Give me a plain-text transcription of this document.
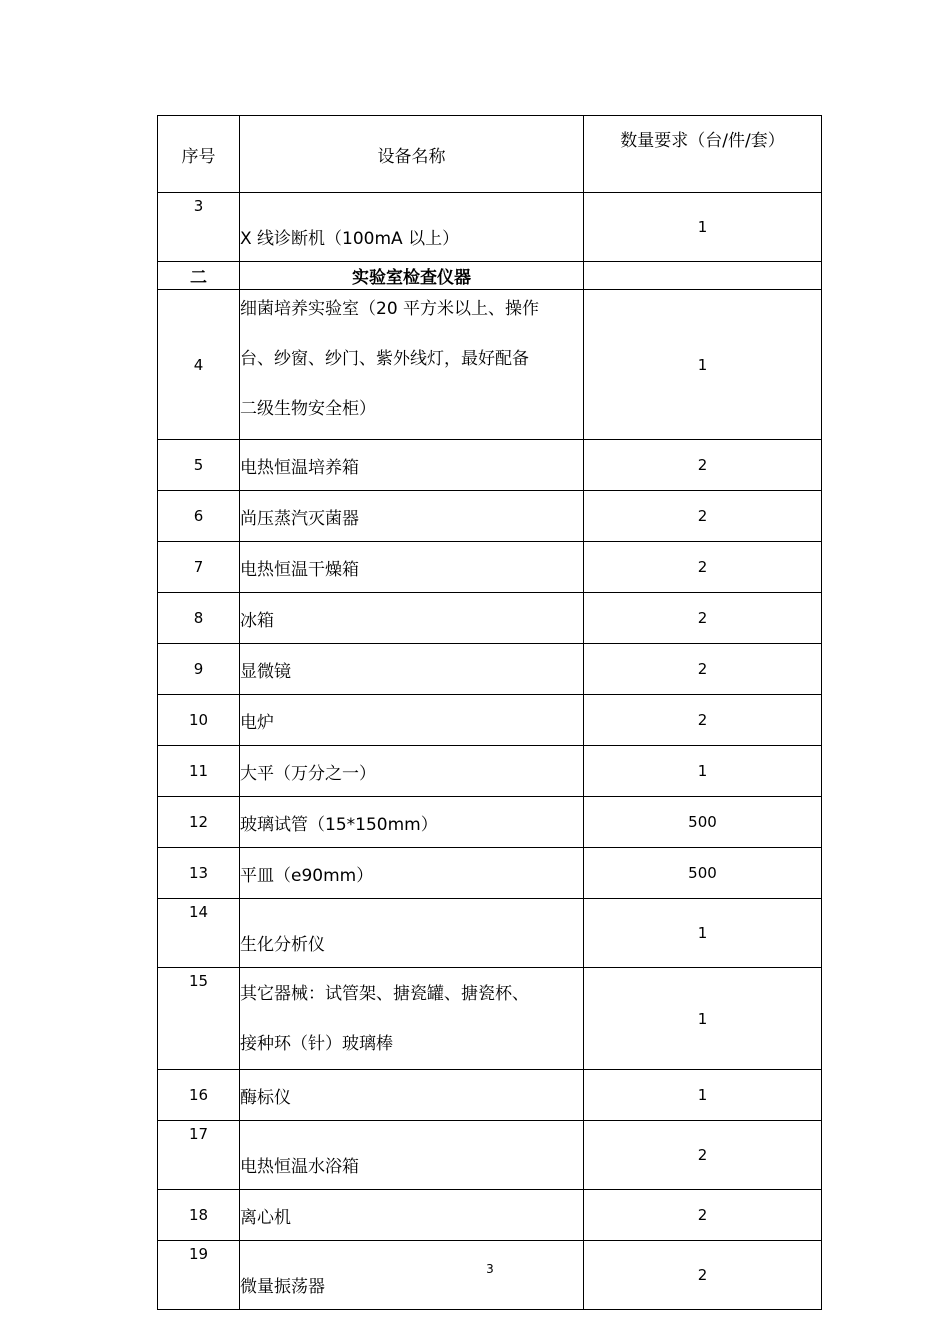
序号	设备名称	数量要求（台/件/套）
3	X 线诊断机（100mA 以上）	1
二	实验室检查仪器	
4	细菌培养实验室（20 平方米以上、操作
台、纱窗、纱门、紫外线灯，最好配备
二级生物安全柜）	1
5	电热恒温培养箱	2
6	尚压蒸汽灭菌器	2
7	电热恒温干燥箱	2
8	冰箱	2
9	显微镜	2
10	电炉	2
11	大平（万分之一）	1
12	玻璃试管（15*150mm）	500
13	平皿（e90mm）	500
14	生化分析仪	1
15	其它器械：试管架、搪瓷罐、搪瓷杯、
接种环（针）玻璃棒	1
16	酶标仪	1
17	电热恒温水浴箱	2
18	离心机	2
19	微量振荡器	2
3
